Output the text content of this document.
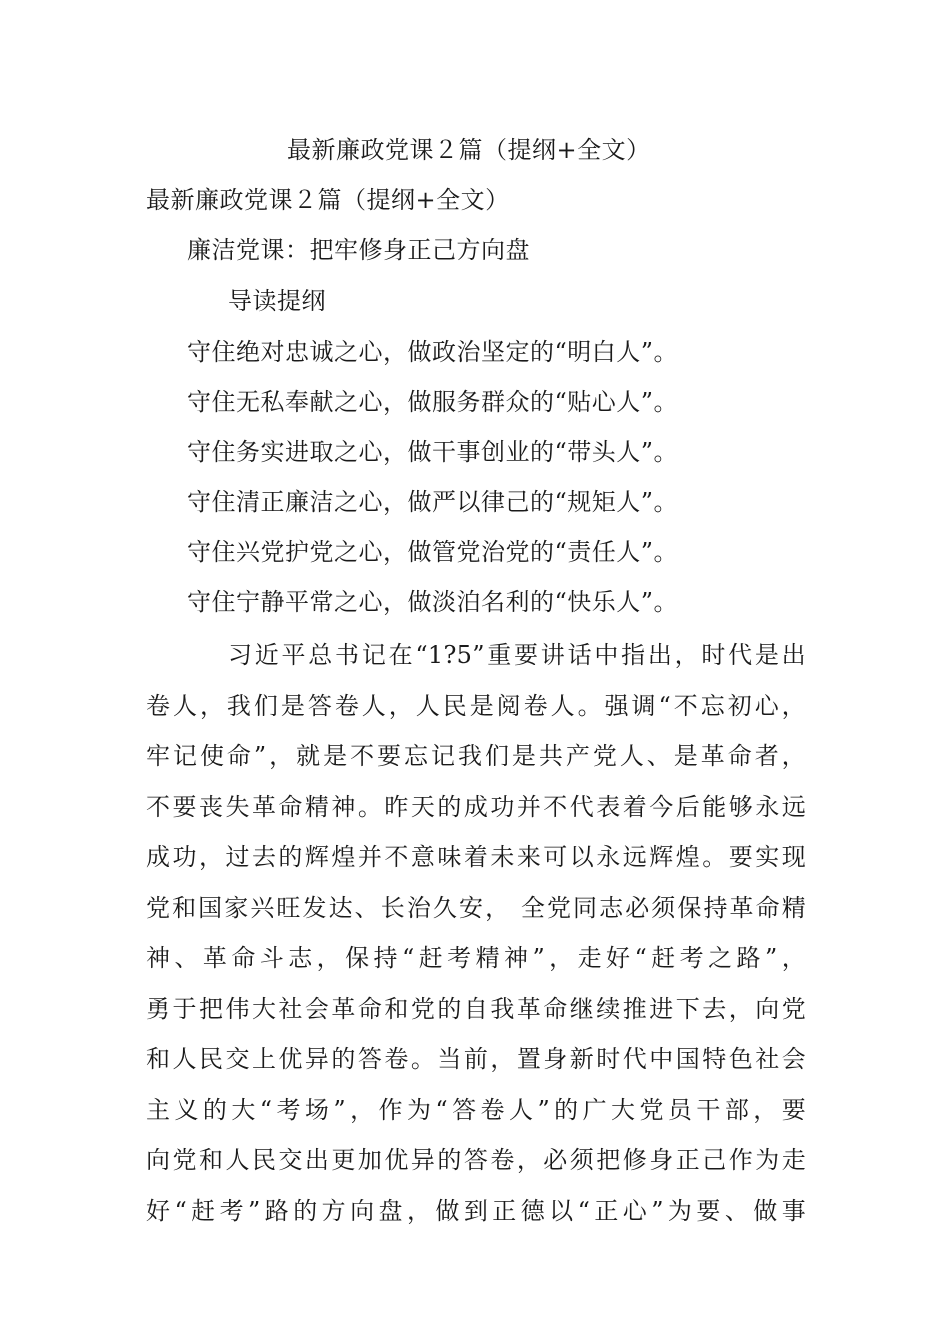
最新廉政党课２篇（提纲+全文）
最新廉政党课２篇（提纲+全文）
廉洁党课：把牢修身正己方向盘
导读提纲
守住绝对忠诚之心，做政治坚定的“明白人”。
守住无私奉献之心，做服务群众的“贴心人”。
守住务实进取之心，做干事创业的“带头人”。
守住清正廉洁之心，做严以律己的“规矩人”。
守住兴党护党之心，做管党治党的“责任人”。
守住宁静平常之心，做淡泊名利的“快乐人”。
习近平总书记在“1?5”重要讲话中指出，时代是出
卷人，我们是答卷人，人民是阅卷人。强调“不忘初心，
牢记使命”，就是不要忘记我们是共产党人、是革命者，
不要丧失革命精神。昨天的成功并不代表着今后能够永远
成功，过去的辉煌并不意味着未来可以永远辉煌。要实现
党和国家兴旺发达、长治久安， 全党同志必须保持革命精
神、革命斗志，保持“赶考精神”，走好“赶考之路”，
勇于把伟大社会革命和党的自我革命继续推进下去，向党
和人民交上优异的答卷。当前，置身新时代中国特色社会
主义的大“考场”，作为“答卷人”的广大党员干部，要
向党和人民交出更加优异的答卷，必须把修身正己作为走
好“赶考”路的方向盘，做到正德以“正心”为要、做事
